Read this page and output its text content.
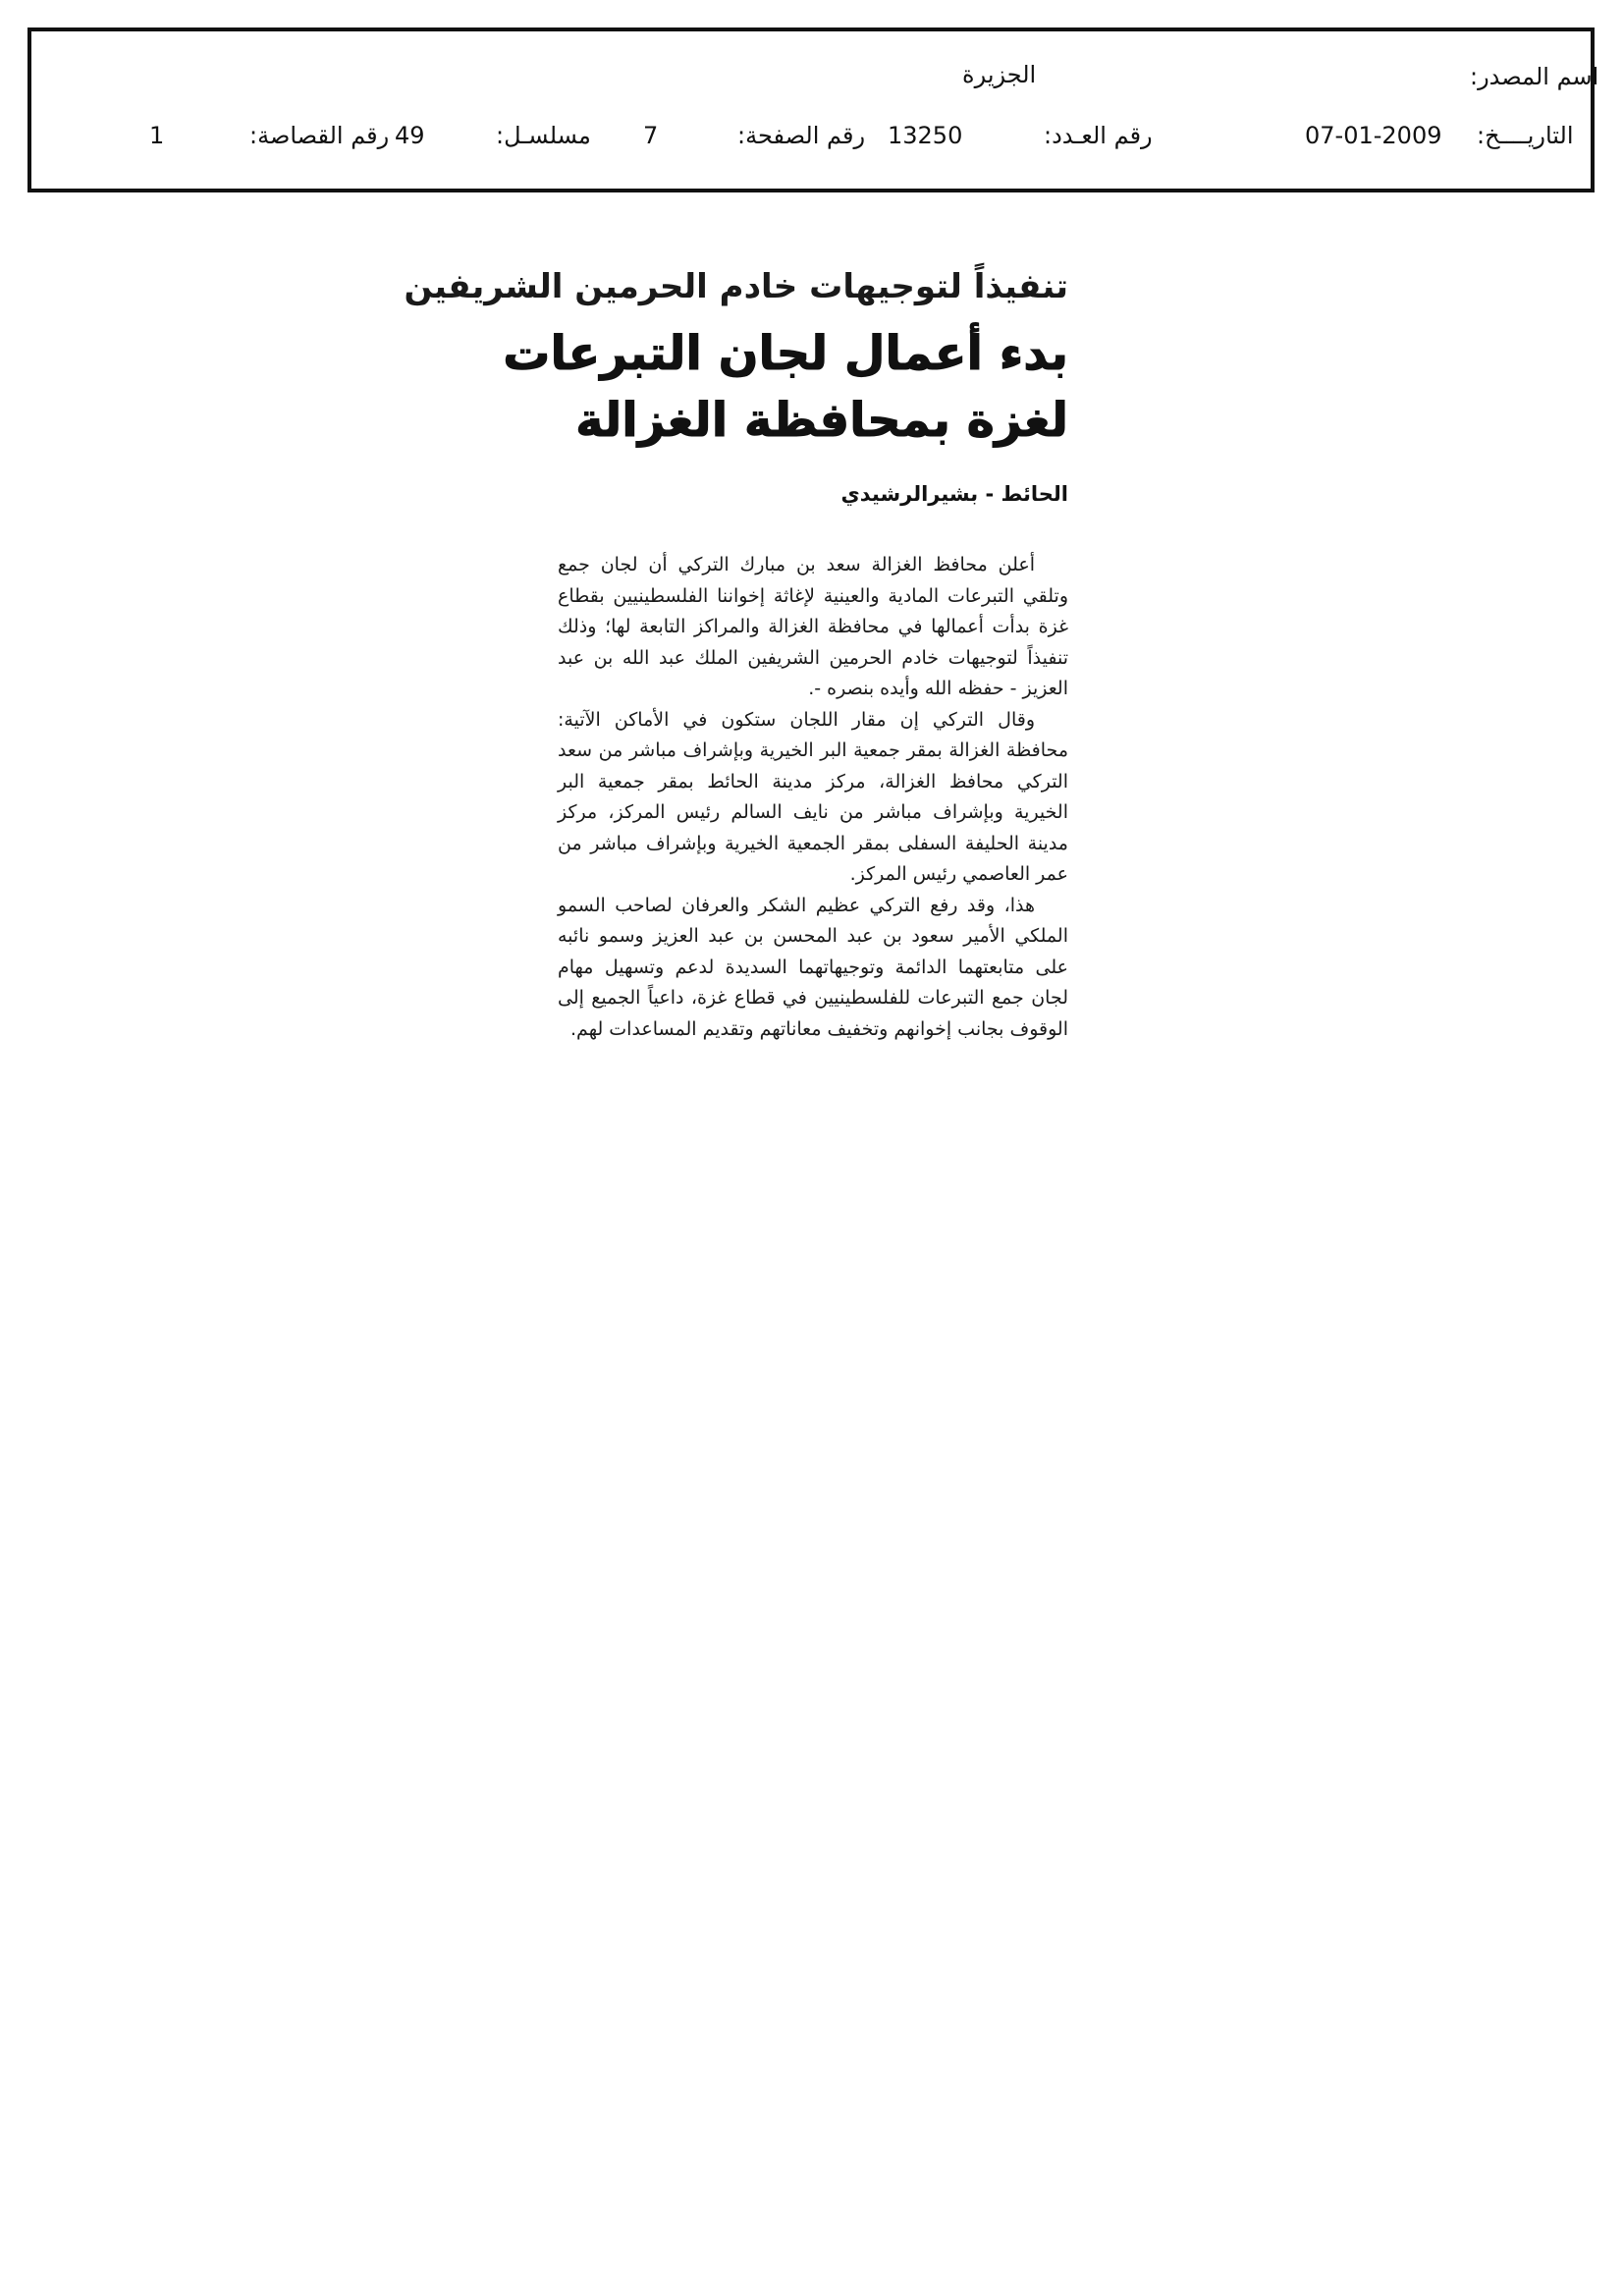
اسم المصدر:
الجزيرة
التاريــــخ:
07-01-2009
رقم العـدد:
13250
رقم الصفحة:
7
مسلسـل:
49
رقم القصاصة:
1
تنفيذاً لتوجيهات خادم الحرمين الشريفين
بدء أعمال لجان التبرعات لغزة بمحافظة الغزالة
الحائط - بشيرالرشيدي

أعلن محافظ الغزالة سعد بن مبارك التركي أن لجان جمع وتلقي التبرعات المادية والعينية لإغاثة إخواننا الفلسطينيين بقطاع غزة بدأت أعمالها في محافظة الغزالة والمراكز التابعة لها؛ وذلك تنفيذاً لتوجيهات خادم الحرمين الشريفين الملك عبد الله بن عبد العزيز - حفظه الله وأيده بنصره -.

وقال التركي إن مقار اللجان ستكون في الأماكن الآتية: محافظة الغزالة بمقر جمعية البر الخيرية وبإشراف مباشر من سعد التركي محافظ الغزالة، مركز مدينة الحائط بمقر جمعية البر الخيرية وبإشراف مباشر من نايف السالم رئيس المركز، مركز مدينة الحليفة السفلى بمقر الجمعية الخيرية وبإشراف مباشر من عمر العاصمي رئيس المركز.

هذا، وقد رفع التركي عظيم الشكر والعرفان لصاحب السمو الملكي الأمير سعود بن عبد المحسن بن عبد العزيز وسمو نائبه على متابعتهما الدائمة وتوجيهاتهما السديدة لدعم وتسهيل مهام لجان جمع التبرعات للفلسطينيين في قطاع غزة، داعياً الجميع إلى الوقوف بجانب إخوانهم وتخفيف معاناتهم وتقديم المساعدات لهم.
